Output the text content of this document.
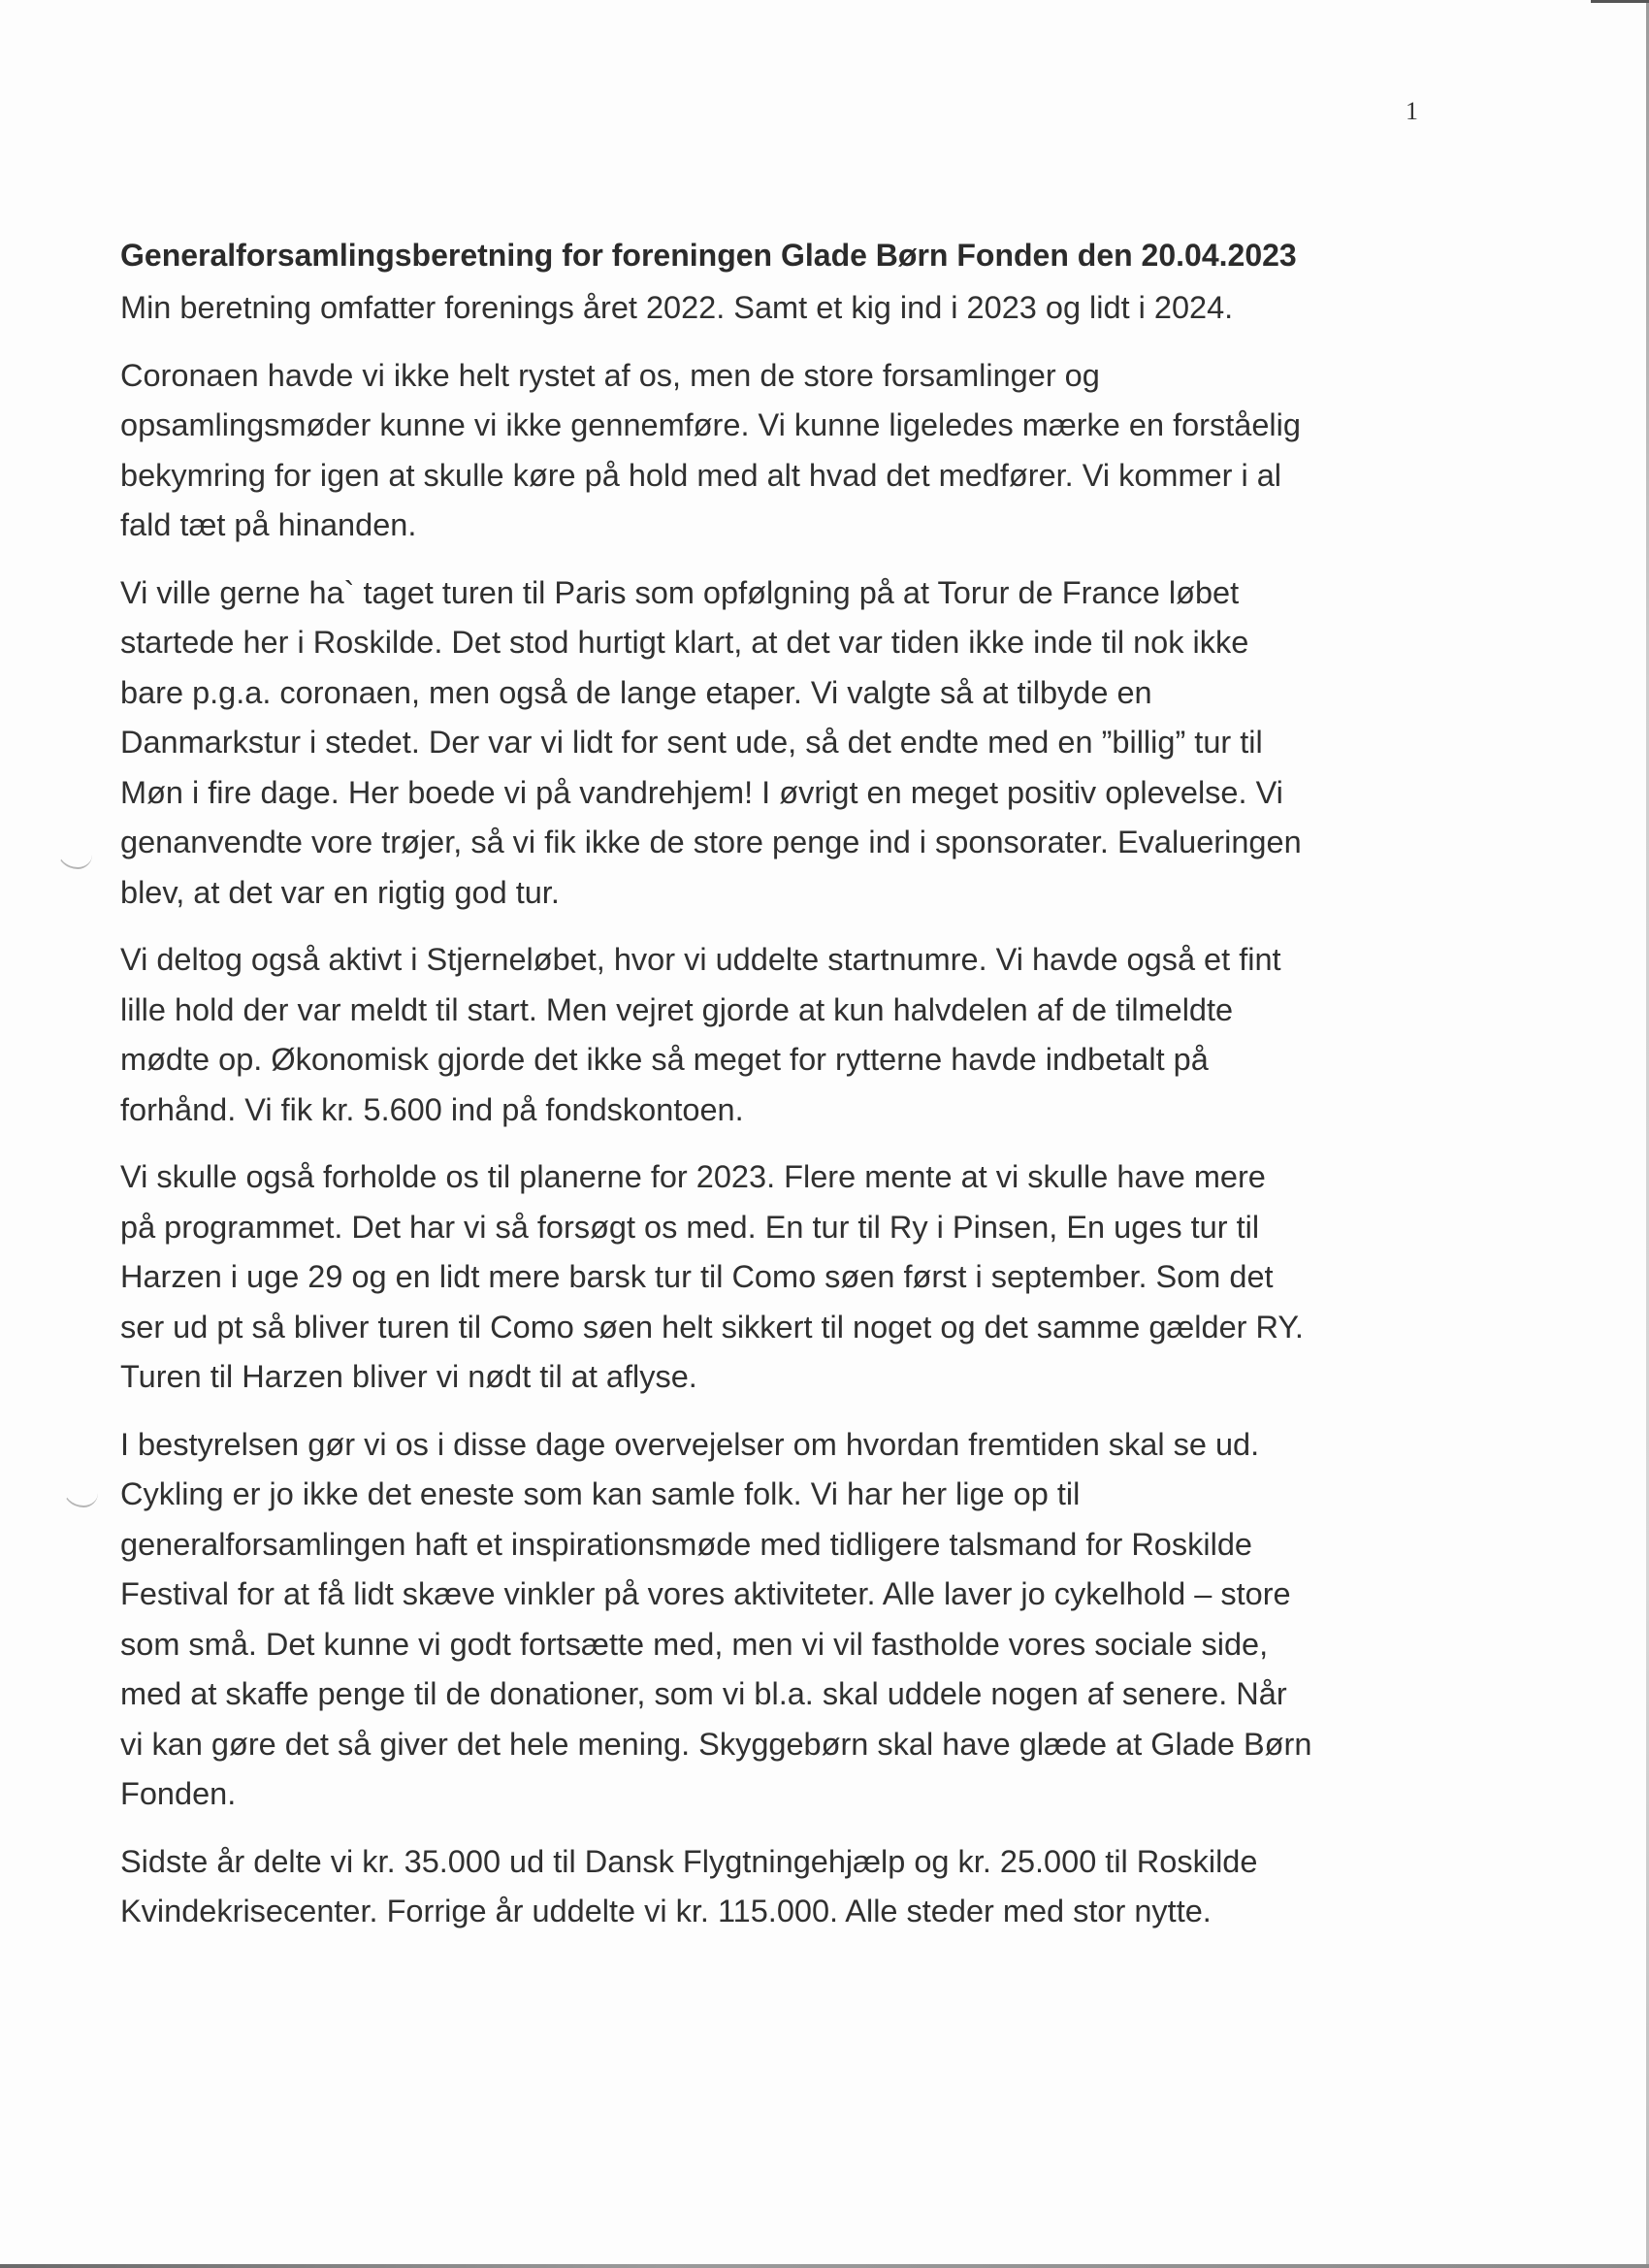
1
Generalforsamlingsberetning for foreningen Glade Børn Fonden den 20.04.2023

Min beretning omfatter forenings året 2022. Samt et kig ind i 2023 og lidt i 2024.

Coronaen havde vi ikke helt rystet af os, men de store forsamlinger og
opsamlingsmøder kunne vi ikke gennemføre. Vi kunne ligeledes mærke en forståelig
bekymring for igen at skulle køre på hold med alt hvad det medfører. Vi kommer i al
fald tæt på hinanden.

Vi ville gerne ha` taget turen til Paris som opfølgning på at Torur de France løbet
startede her i Roskilde. Det stod hurtigt klart, at det var tiden ikke inde til nok ikke
bare p.g.a. coronaen, men også de lange etaper. Vi valgte så at tilbyde en
Danmarkstur i stedet. Der var vi lidt for sent ude, så det endte med en ”billig” tur til
Møn i fire dage. Her boede vi på vandrehjem! I øvrigt en meget positiv oplevelse. Vi
genanvendte vore trøjer, så vi fik ikke de store penge ind i sponsorater. Evalueringen
blev, at det var en rigtig god tur.

Vi deltog også aktivt i Stjerneløbet, hvor vi uddelte startnumre. Vi havde også et fint
lille hold der var meldt til start. Men vejret gjorde at kun halvdelen af de tilmeldte
mødte op. Økonomisk gjorde det ikke så meget for rytterne havde indbetalt på
forhånd. Vi fik kr. 5.600 ind på fondskontoen.

Vi skulle også forholde os til planerne for 2023. Flere mente at vi skulle have mere
på programmet. Det har vi så forsøgt os med. En tur til Ry i Pinsen, En uges tur til
Harzen i uge 29 og en lidt mere barsk tur til Como søen først i september. Som det
ser ud pt så bliver turen til Como søen helt sikkert til noget og det samme gælder RY.
Turen til Harzen bliver vi nødt til at aflyse.

I bestyrelsen gør vi os i disse dage overvejelser om hvordan fremtiden skal se ud.
Cykling er jo ikke det eneste som kan samle folk. Vi har her lige op til
generalforsamlingen haft et inspirationsmøde med tidligere talsmand for Roskilde
Festival for at få lidt skæve vinkler på vores aktiviteter. Alle laver jo cykelhold – store
som små. Det kunne vi godt fortsætte med, men vi vil fastholde vores sociale side,
med at skaffe penge til de donationer, som vi bl.a. skal uddele nogen af senere. Når
vi kan gøre det så giver det hele mening. Skyggebørn skal have glæde at Glade Børn
Fonden.

Sidste år delte vi kr. 35.000 ud til Dansk Flygtningehjælp og kr. 25.000 til Roskilde
Kvindekrisecenter. Forrige år uddelte vi kr. 115.000. Alle steder med stor nytte.
